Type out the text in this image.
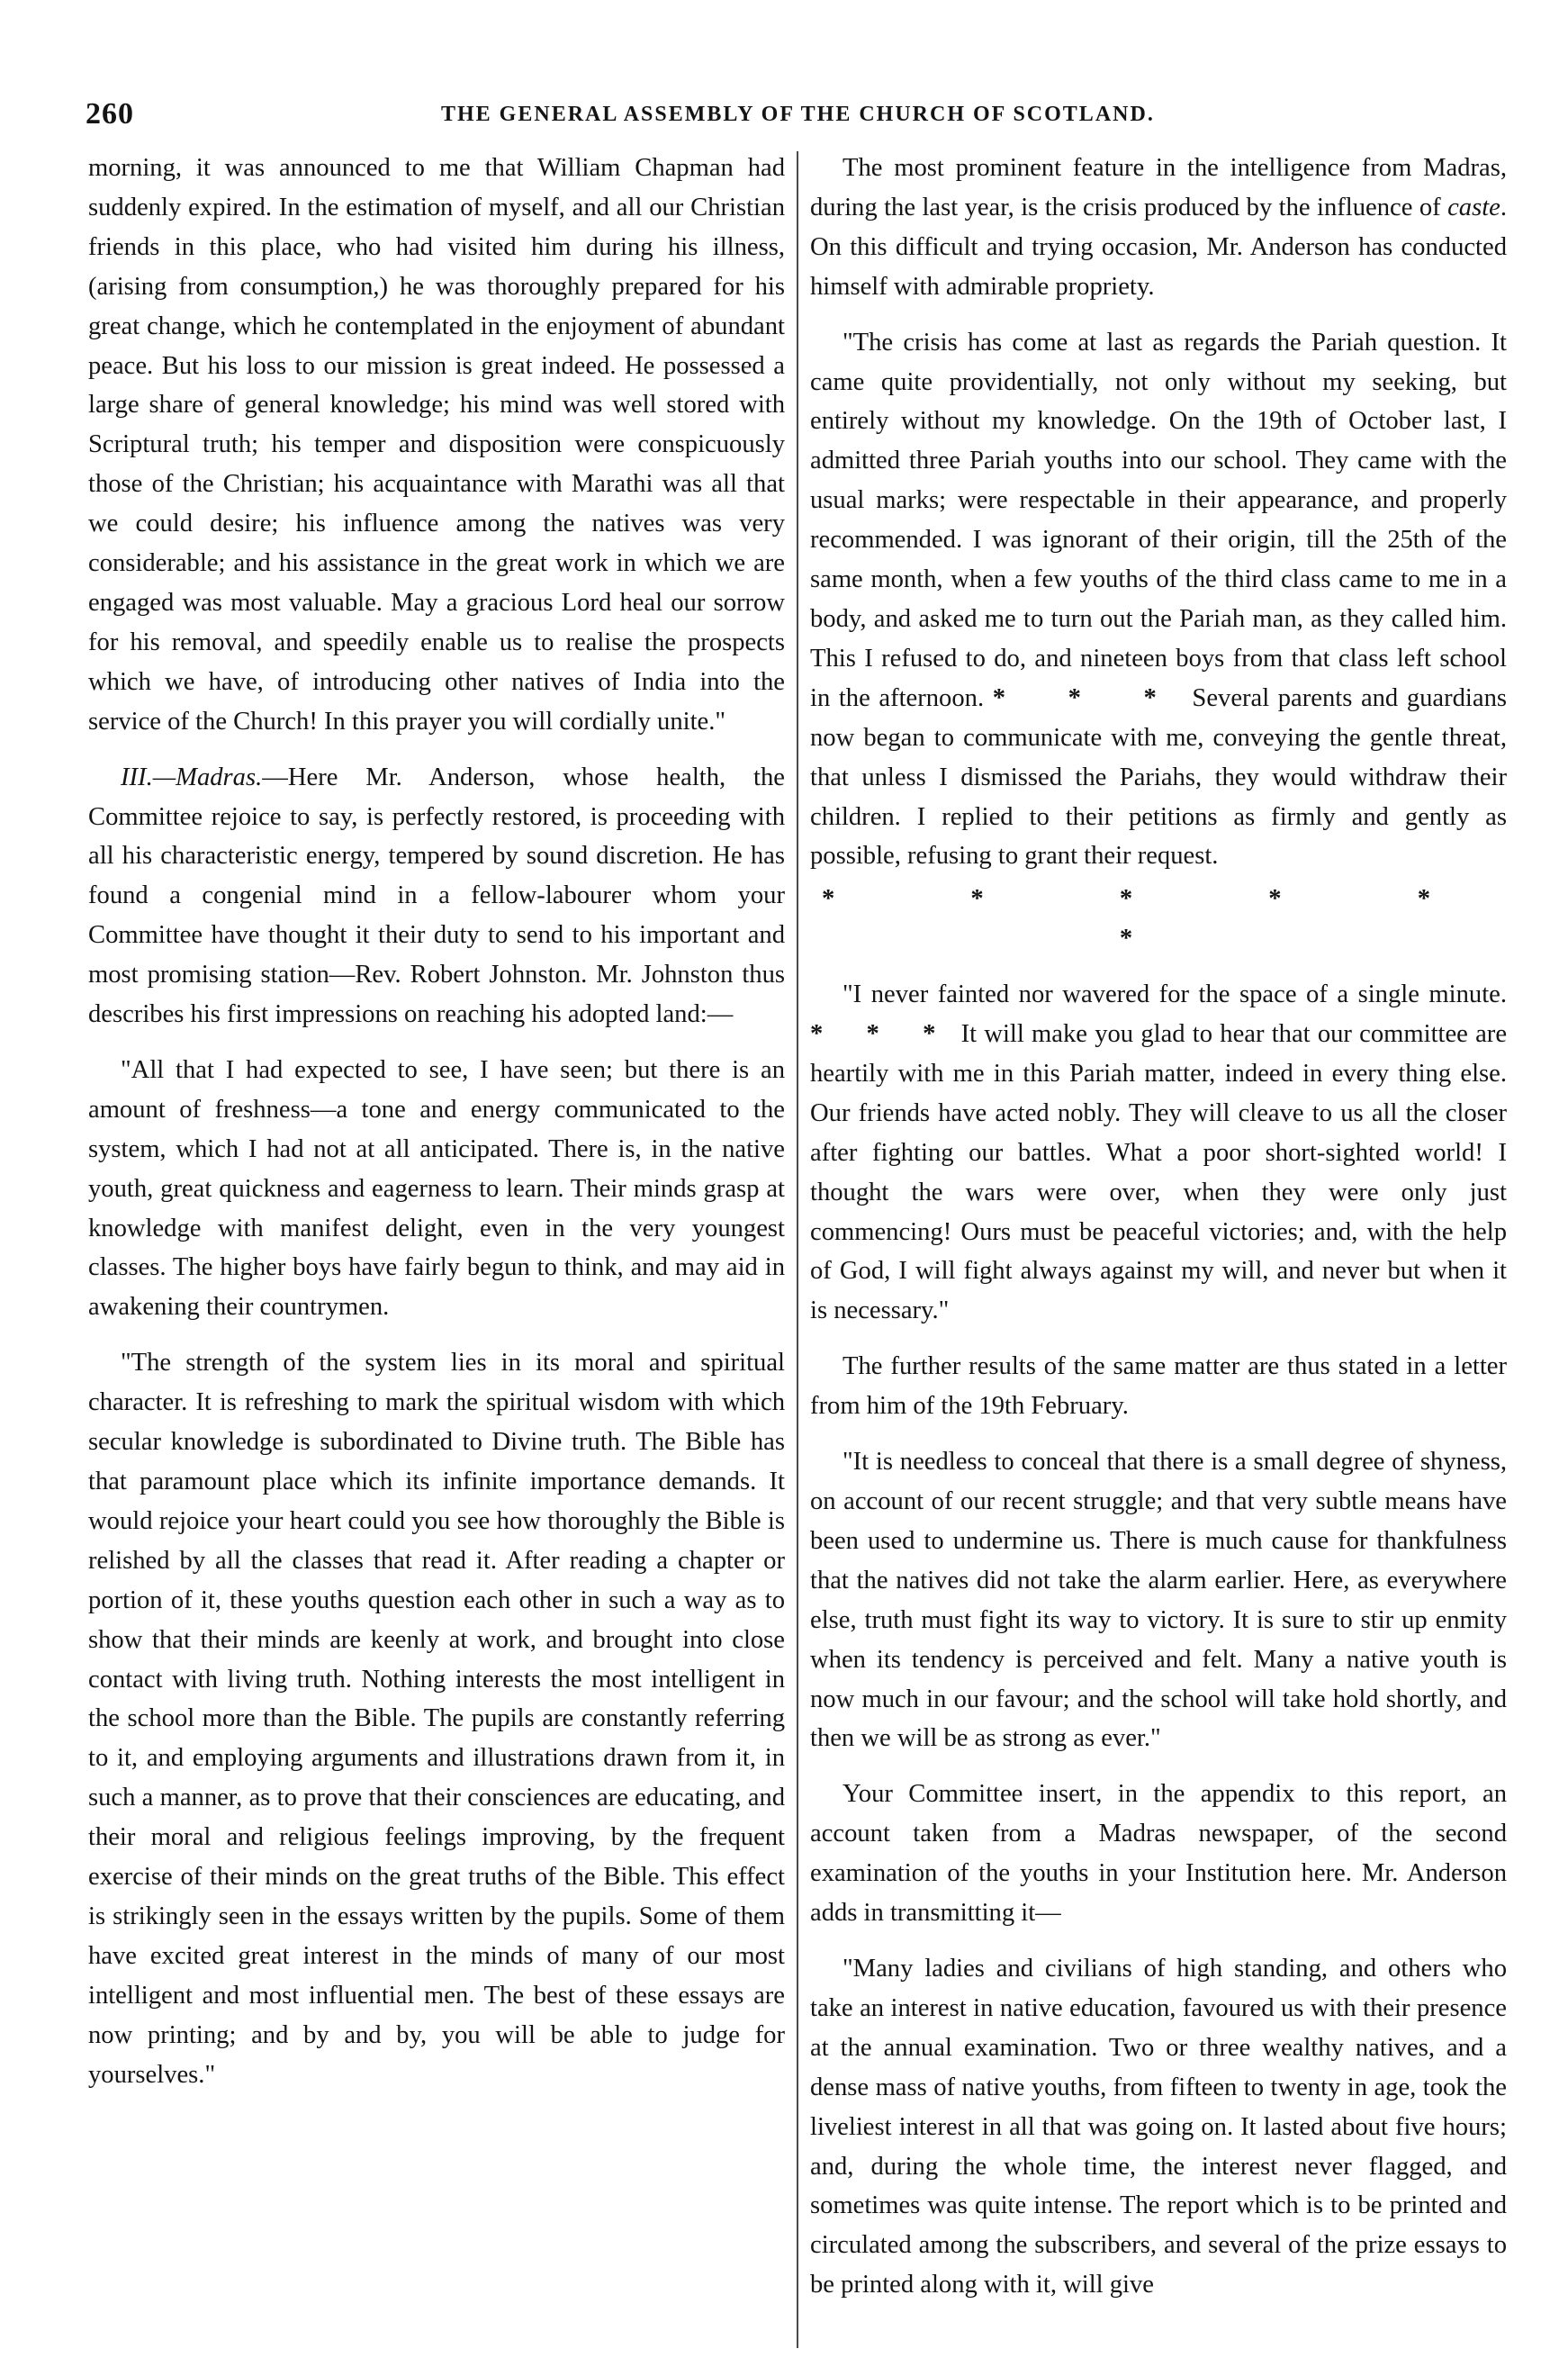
260	THE GENERAL ASSEMBLY OF THE CHURCH OF SCOTLAND.

morning, it was announced to me that William Chapman had suddenly expired. In the estimation of myself, and all our Christian friends in this place, who had visited him during his illness, (arising from consumption,) he was thoroughly prepared for his great change, which he contemplated in the enjoyment of abundant peace. But his loss to our mission is great indeed. He possessed a large share of general knowledge; his mind was well stored with Scriptural truth; his temper and disposition were conspicuously those of the Christian; his acquaintance with Marathi was all that we could desire; his influence among the natives was very considerable; and his assistance in the great work in which we are engaged was most valuable. May a gracious Lord heal our sorrow for his removal, and speedily enable us to realise the prospects which we have, of introducing other natives of India into the service of the Church! In this prayer you will cordially unite."

III.—Madras.—Here Mr. Anderson, whose health, the Committee rejoice to say, is perfectly restored, is proceeding with all his characteristic energy, tempered by sound discretion. He has found a congenial mind in a fellow-labourer whom your Committee have thought it their duty to send to his important and most promising station—Rev. Robert Johnston. Mr. Johnston thus describes his first impressions on reaching his adopted land:—

"All that I had expected to see, I have seen; but there is an amount of freshness—a tone and energy communicated to the system, which I had not at all anticipated. There is, in the native youth, great quickness and eagerness to learn. Their minds grasp at knowledge with manifest delight, even in the very youngest classes. The higher boys have fairly begun to think, and may aid in awakening their countrymen.

"The strength of the system lies in its moral and spiritual character. It is refreshing to mark the spiritual wisdom with which secular knowledge is subordinated to Divine truth. The Bible has that paramount place which its infinite importance demands. It would rejoice your heart could you see how thoroughly the Bible is relished by all the classes that read it. After reading a chapter or portion of it, these youths question each other in such a way as to show that their minds are keenly at work, and brought into close contact with living truth. Nothing interests the most intelligent in the school more than the Bible. The pupils are constantly referring to it, and employing arguments and illustrations drawn from it, in such a manner, as to prove that their consciences are educating, and their moral and religious feelings improving, by the frequent exercise of their minds on the great truths of the Bible. This effect is strikingly seen in the essays written by the pupils. Some of them have excited great interest in the minds of many of our most intelligent and most influential men. The best of these essays are now printing; and by and by, you will be able to judge for yourselves."

The most prominent feature in the intelligence from Madras, during the last year, is the crisis produced by the influence of caste. On this difficult and trying occasion, Mr. Anderson has conducted himself with admirable propriety.

"The crisis has come at last as regards the Pariah question. It came quite providentially, not only without my seeking, but entirely without my knowledge. On the 19th of October last, I admitted three Pariah youths into our school. They came with the usual marks; were respectable in their appearance, and properly recommended. I was ignorant of their origin, till the 25th of the same month, when a few youths of the third class came to me in a body, and asked me to turn out the Pariah man, as they called him. This I refused to do, and nineteen boys from that class left school in the afternoon. * * * Several parents and guardians now began to communicate with me, conveying the gentle threat, that unless I dismissed the Pariahs, they would withdraw their children. I replied to their petitions as firmly and gently as possible, refusing to grant their request.

* * * * * *

"I never fainted nor wavered for the space of a single minute. * * * It will make you glad to hear that our committee are heartily with me in this Pariah matter, indeed in every thing else. Our friends have acted nobly. They will cleave to us all the closer after fighting our battles. What a poor short-sighted world! I thought the wars were over, when they were only just commencing! Ours must be peaceful victories; and, with the help of God, I will fight always against my will, and never but when it is necessary."

The further results of the same matter are thus stated in a letter from him of the 19th February.

"It is needless to conceal that there is a small degree of shyness, on account of our recent struggle; and that very subtle means have been used to undermine us. There is much cause for thankfulness that the natives did not take the alarm earlier. Here, as everywhere else, truth must fight its way to victory. It is sure to stir up enmity when its tendency is perceived and felt. Many a native youth is now much in our favour; and the school will take hold shortly, and then we will be as strong as ever."

Your Committee insert, in the appendix to this report, an account taken from a Madras newspaper, of the second examination of the youths in your Institution here. Mr. Anderson adds in transmitting it—

"Many ladies and civilians of high standing, and others who take an interest in native education, favoured us with their presence at the annual examination. Two or three wealthy natives, and a dense mass of native youths, from fifteen to twenty in age, took the liveliest interest in all that was going on. It lasted about five hours; and, during the whole time, the interest never flagged, and sometimes was quite intense. The report which is to be printed and circulated among the subscribers, and several of the prize essays to be printed along with it, will give
